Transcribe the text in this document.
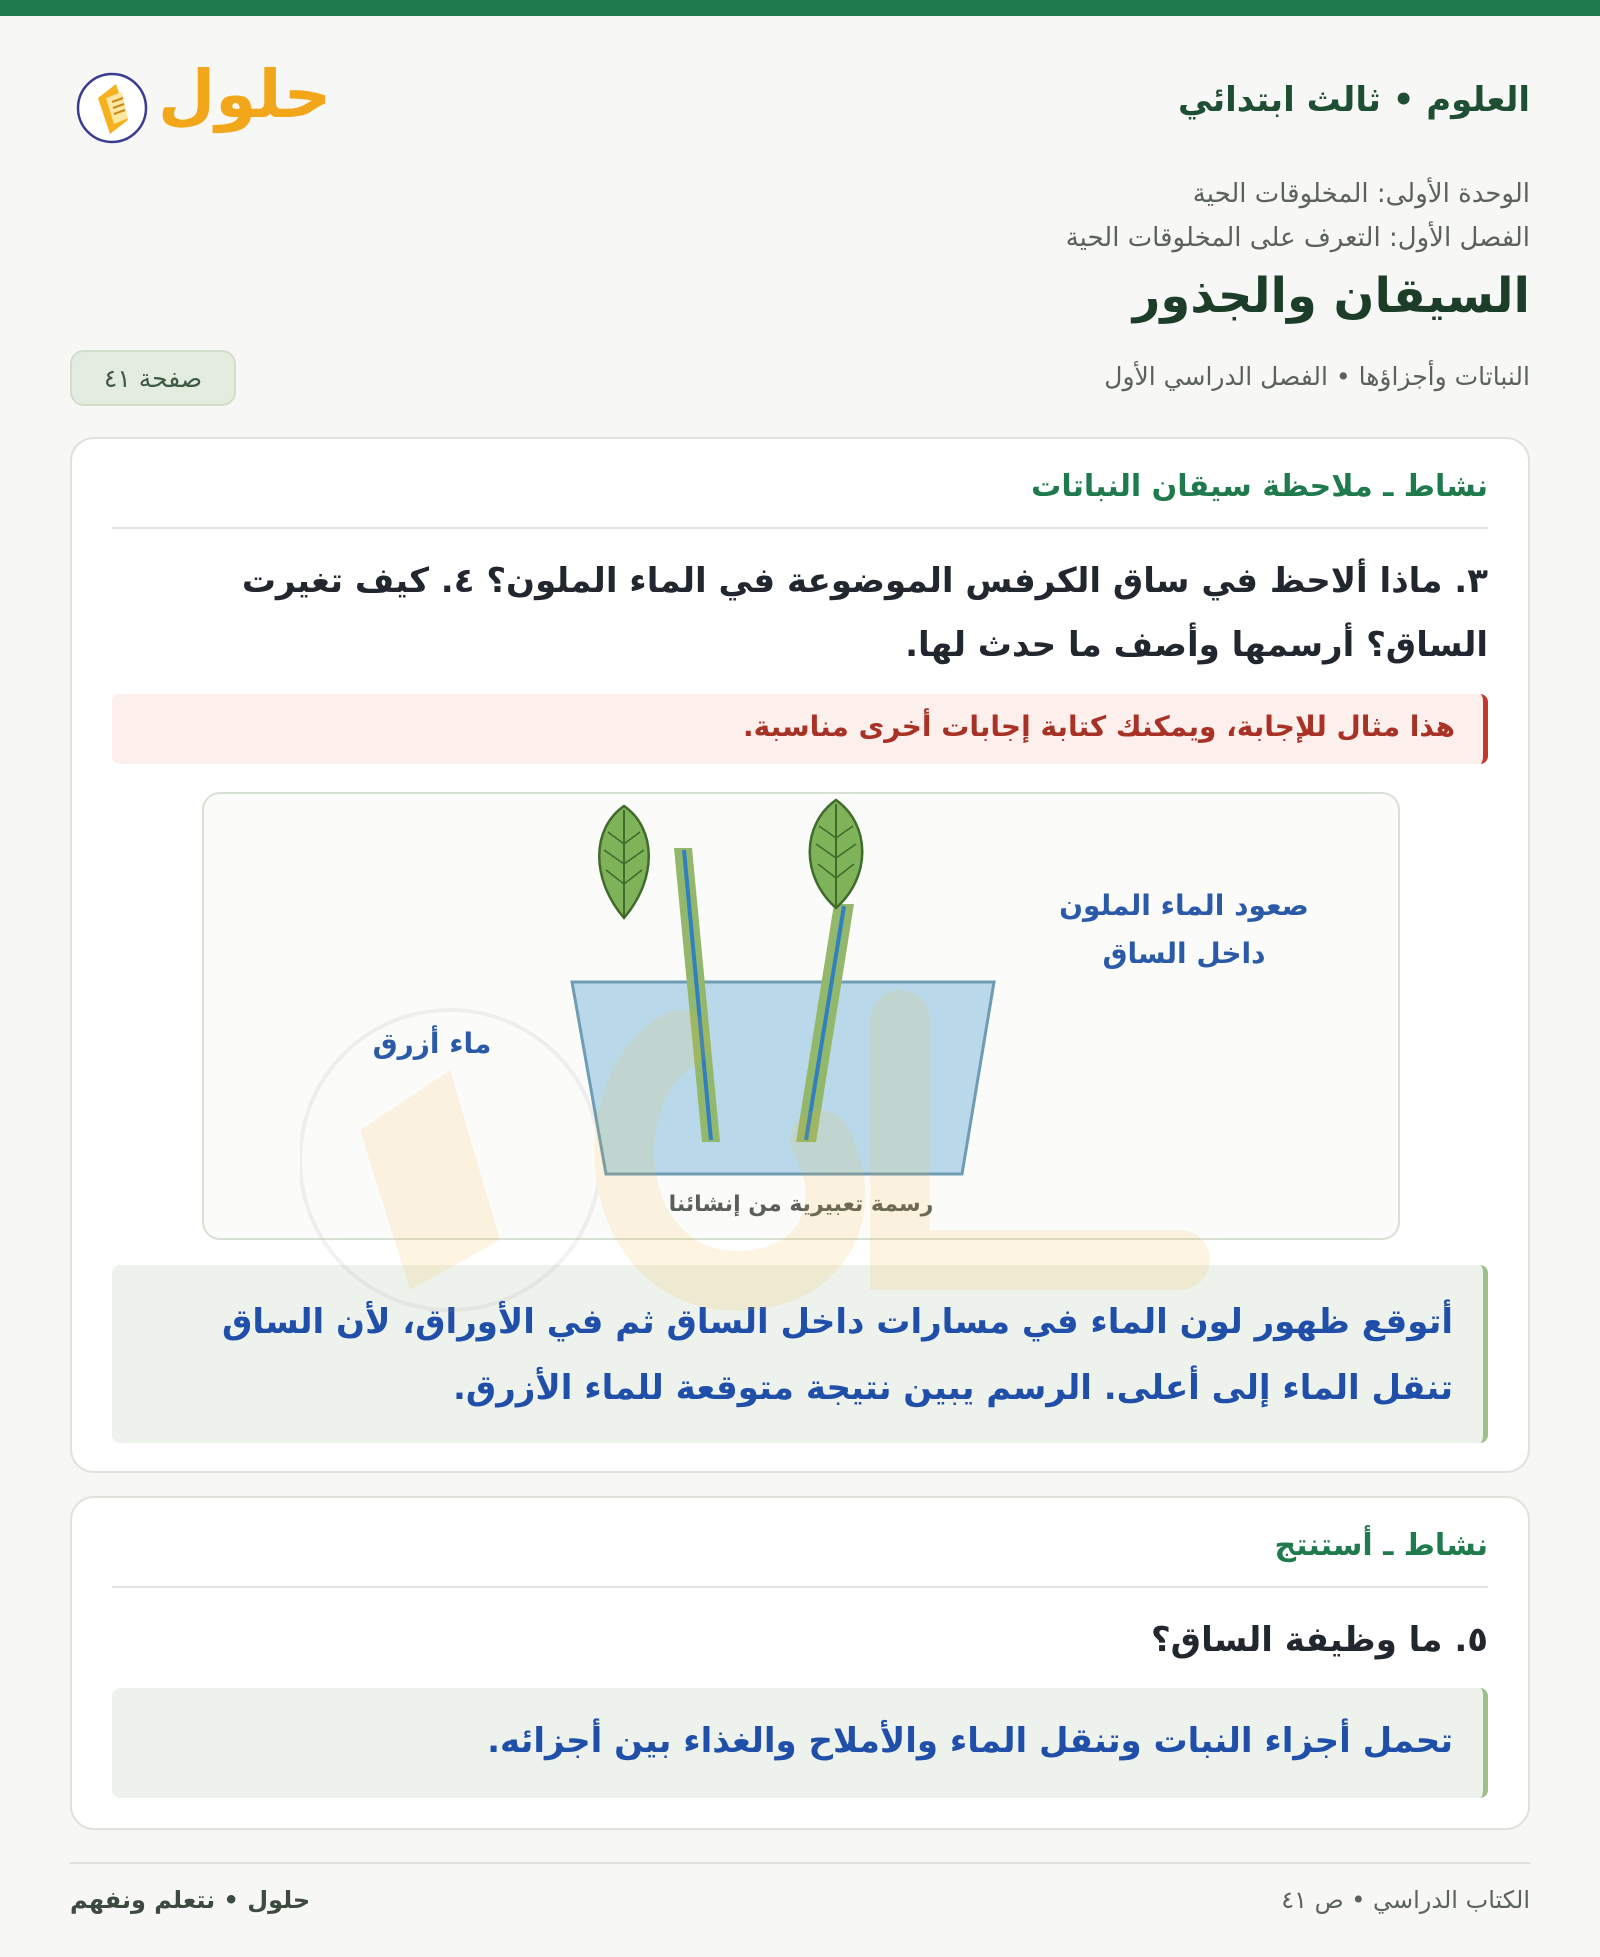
حلول	العلوم • ثالث ابتدائي
الوحدة الأولى: المخلوقات الحية
الفصل الأول: التعرف على المخلوقات الحية
السيقان والجذور
النباتات وأجزاؤها • الفصل الدراسي الأول
صفحة ٤١
نشاط ـ ملاحظة سيقان النباتات
٣. ماذا ألاحظ في ساق الكرفس الموضوعة في الماء الملون؟ ٤. كيف تغيرت الساق؟ أرسمها وأصف ما حدث لها.
هذا مثال للإجابة، ويمكنك كتابة إجابات أخرى مناسبة.
صعود الماء الملون
داخل الساق
ماء أزرق
رسمة تعبيرية من إنشائنا
أتوقع ظهور لون الماء في مسارات داخل الساق ثم في الأوراق، لأن الساق تنقل الماء إلى أعلى. الرسم يبين نتيجة متوقعة للماء الأزرق.
نشاط ـ أستنتج
٥. ما وظيفة الساق؟
تحمل أجزاء النبات وتنقل الماء والأملاح والغذاء بين أجزائه.
الكتاب الدراسي • ص ٤١
حلول • نتعلم ونفهم
